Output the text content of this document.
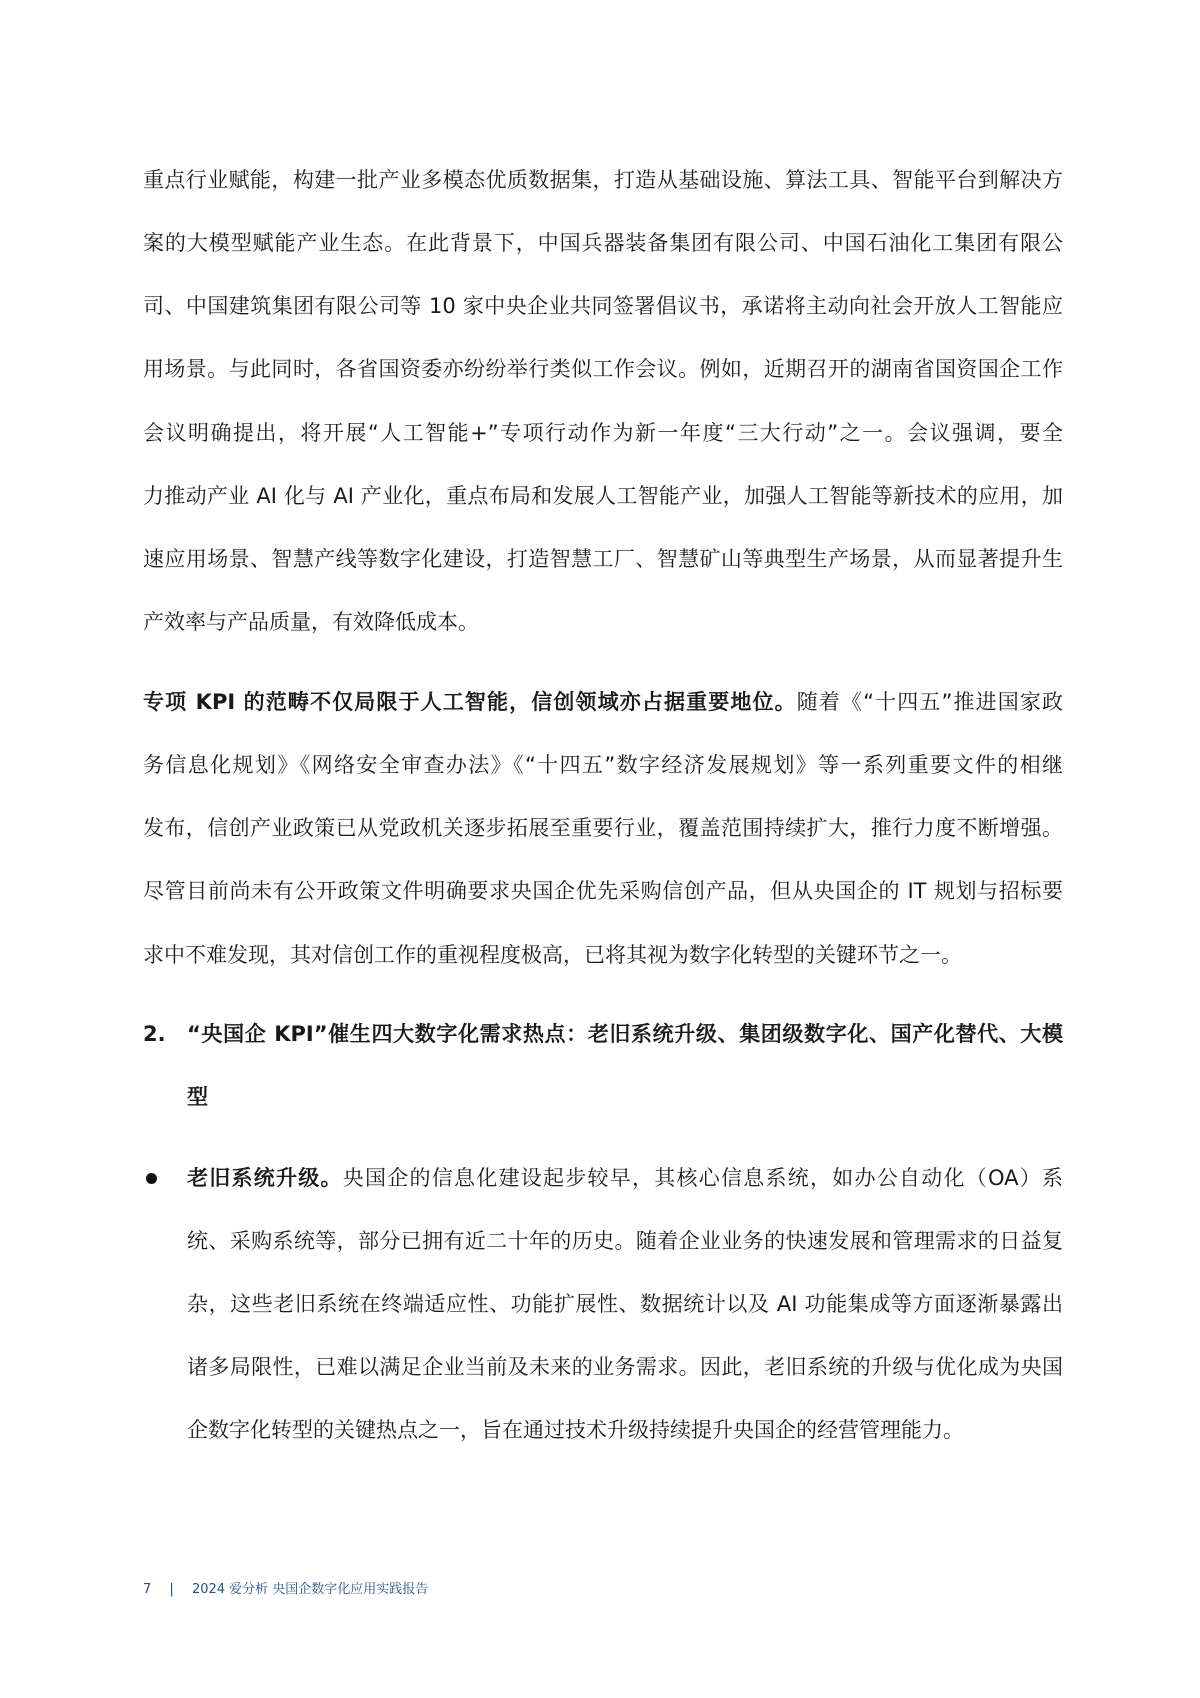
重点行业赋能，构建一批产业多模态优质数据集，打造从基础设施、算法工具、智能平台到解决方
案的大模型赋能产业生态。在此背景下，中国兵器装备集团有限公司、中国石油化工集团有限公
司、中国建筑集团有限公司等 10 家中央企业共同签署倡议书，承诺将主动向社会开放人工智能应
用场景。与此同时，各省国资委亦纷纷举行类似工作会议。例如，近期召开的湖南省国资国企工作
会议明确提出，将开展“人工智能+”专项行动作为新一年度“三大行动”之一。会议强调，要全
力推动产业 AI 化与 AI 产业化，重点布局和发展人工智能产业，加强人工智能等新技术的应用，加
速应用场景、智慧产线等数字化建设，打造智慧工厂、智慧矿山等典型生产场景，从而显著提升生
产效率与产品质量，有效降低成本。
专项 KPI 的范畴不仅局限于人工智能，信创领域亦占据重要地位。随着《“十四五”推进国家政
务信息化规划》《网络安全审查办法》《“十四五”数字经济发展规划》等一系列重要文件的相继
发布，信创产业政策已从党政机关逐步拓展至重要行业，覆盖范围持续扩大，推行力度不断增强。
尽管目前尚未有公开政策文件明确要求央国企优先采购信创产品，但从央国企的 IT 规划与招标要
求中不难发现，其对信创工作的重视程度极高，已将其视为数字化转型的关键环节之一。
2. “央国企 KPI”催生四大数字化需求热点：老旧系统升级、集团级数字化、国产化替代、大模
型
老旧系统升级。央国企的信息化建设起步较早，其核心信息系统，如办公自动化（OA）系
统、采购系统等，部分已拥有近二十年的历史。随着企业业务的快速发展和管理需求的日益复
杂，这些老旧系统在终端适应性、功能扩展性、数据统计以及 AI 功能集成等方面逐渐暴露出
诸多局限性，已难以满足企业当前及未来的业务需求。因此，老旧系统的升级与优化成为央国
企数字化转型的关键热点之一，旨在通过技术升级持续提升央国企的经营管理能力。
7 | 2024 爱分析 央国企数字化应用实践报告
